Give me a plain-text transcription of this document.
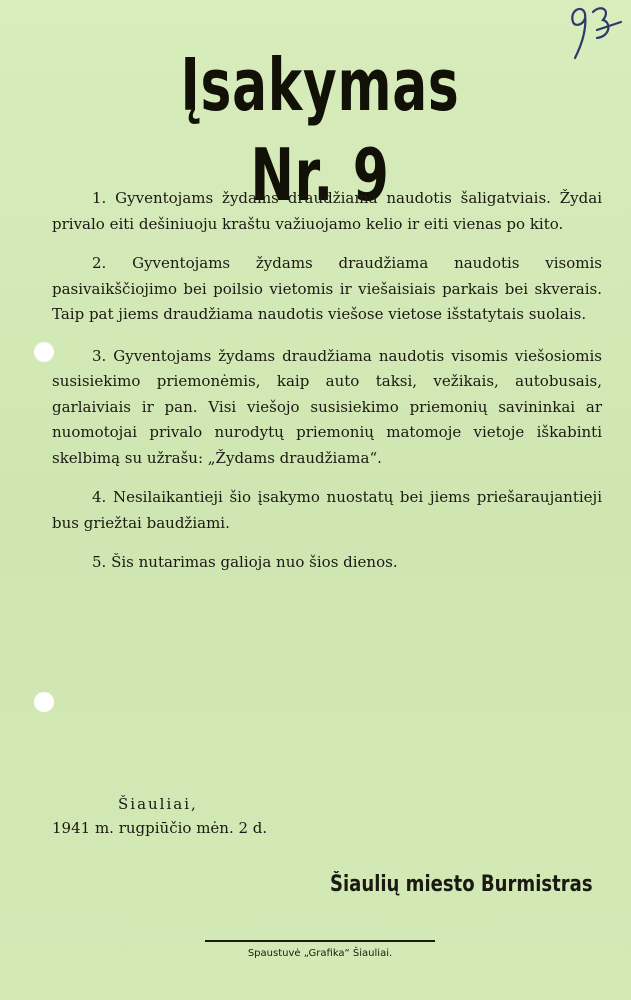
Įsakymas Nr. 9

1. Gyventojams žydams draudžiama naudotis šaligatviais. Žydai privalo eiti dešiniuoju kraštu važiuojamo kelio ir eiti vienas po kito.

2. Gyventojams žydams draudžiama naudotis visomis pasivaikščiojimo bei poilsio vietomis ir viešaisiais parkais bei skverais. Taip pat jiems draudžiama naudotis viešose vietose išstatytais suolais.

3. Gyventojams žydams draudžiama naudotis visomis viešosiomis susisiekimo priemonėmis, kaip auto taksi, vežikais, autobusais, garlaiviais ir pan. Visi viešojo susisiekimo priemonių savininkai ar nuomotojai privalo nurodytų priemonių matomoje vietoje iškabinti skelbimą su užrašu: „Žydams draudžiama“.

4. Nesilaikantieji šio įsakymo nuostatų bei jiems priešaraujantieji bus griežtai baudžiami.

5. Šis nutarimas galioja nuo šios dienos.

Šiauliai,
1941 m. rugpiūčio mėn. 2 d.
Šiaulių miesto Burmistras
Spaustuvė „Grafika“ Šiauliai.
